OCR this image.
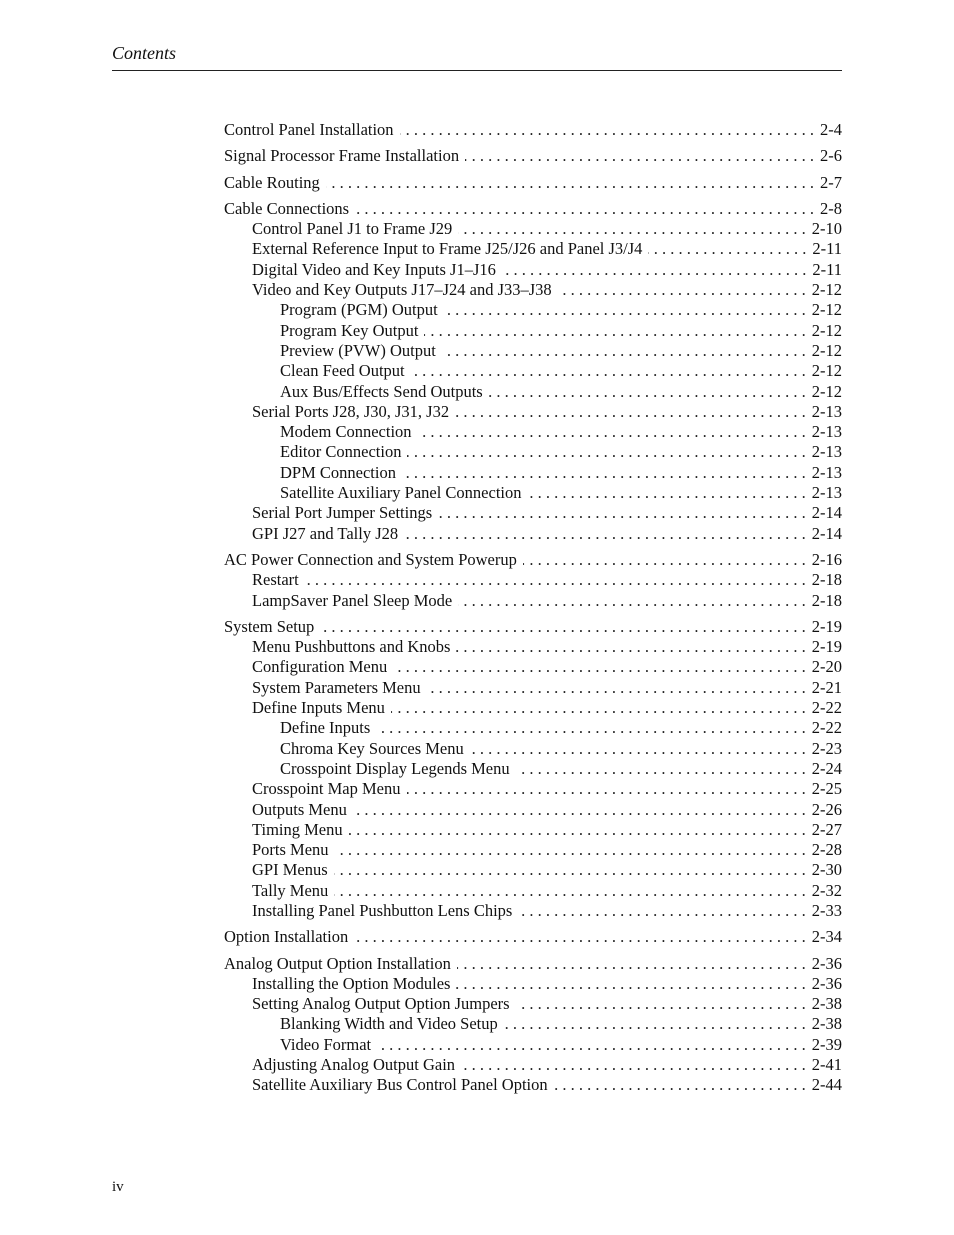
Contents
Control Panel Installation . . .	2-4
Signal Processor Frame Installation . . .	2-6
Cable Routing . . .	2-7
Cable Connections . . .	2-8
Control Panel J1 to Frame J29 . . .	2-10
External Reference Input to Frame J25/J26 and Panel J3/J4 . . .	2-11
Digital Video and Key Inputs J1–J16 . . .	2-11
Video and Key Outputs J17–J24 and J33–J38 . . .	2-12
Program (PGM) Output . . .	2-12
Program Key Output . . .	2-12
Preview (PVW) Output . . .	2-12
Clean Feed Output . . .	2-12
Aux Bus/Effects Send Outputs . . .	2-12
Serial Ports J28, J30, J31, J32 . . .	2-13
Modem Connection . . .	2-13
Editor Connection . . .	2-13
DPM Connection . . .	2-13
Satellite Auxiliary Panel Connection . . .	2-13
Serial Port Jumper Settings . . .	2-14
GPI J27 and Tally J28 . . .	2-14
AC Power Connection and System Powerup . . .	2-16
Restart . . .	2-18
LampSaver Panel Sleep Mode . . .	2-18
System Setup . . .	2-19
Menu Pushbuttons and Knobs . . .	2-19
Configuration Menu . . .	2-20
System Parameters Menu . . .	2-21
Define Inputs Menu . . .	2-22
Define Inputs . . .	2-22
Chroma Key Sources Menu . . .	2-23
Crosspoint Display Legends Menu . . .	2-24
Crosspoint Map Menu . . .	2-25
Outputs Menu . . .	2-26
Timing Menu . . .	2-27
Ports Menu . . .	2-28
GPI Menus . . .	2-30
Tally Menu . . .	2-32
Installing Panel Pushbutton Lens Chips . . .	2-33
Option Installation . . .	2-34
Analog Output Option Installation . . .	2-36
Installing the Option Modules . . .	2-36
Setting Analog Output Option Jumpers . . .	2-38
Blanking Width and Video Setup . . .	2-38
Video Format . . .	2-39
Adjusting Analog Output Gain . . .	2-41
Satellite Auxiliary Bus Control Panel Option . . .	2-44
iv
